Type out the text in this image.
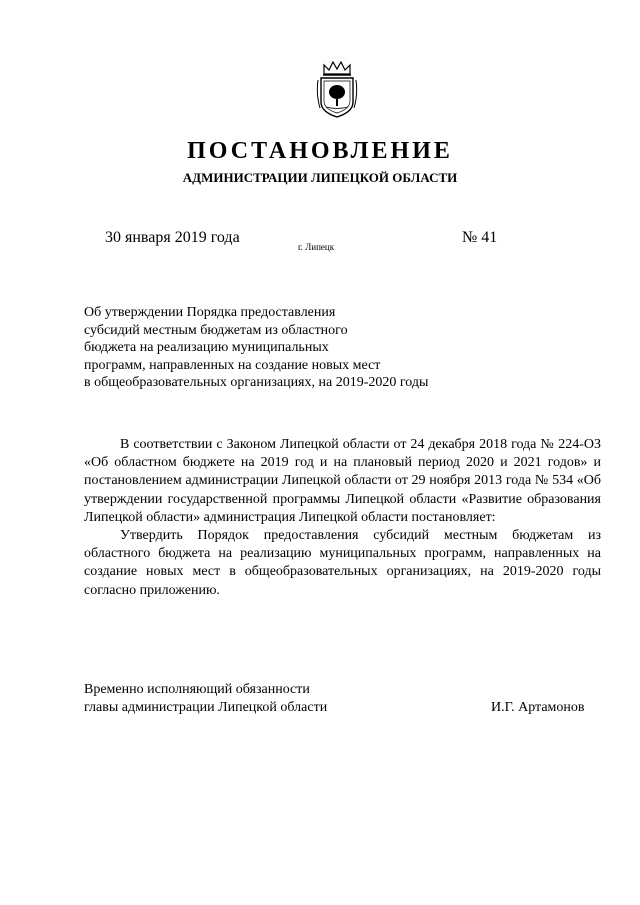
ПОСТАНОВЛЕНИЕ
АДМИНИСТРАЦИИ ЛИПЕЦКОЙ ОБЛАСТИ
30 января 2019 года
г. Липецк
№ 41
Об утверждении Порядка предоставления
субсидий местным бюджетам из областного
бюджета на реализацию муниципальных
программ, направленных на создание новых мест
в общеобразовательных организациях, на 2019-2020 годы

В соответствии с Законом Липецкой области от 24 декабря 2018 года № 224-ОЗ «Об областном бюджете на 2019 год и на плановый период 2020 и 2021 годов» и постановлением администрации Липецкой области от 29 ноября 2013 года № 534 «Об утверждении государственной программы Липецкой области «Развитие образования Липецкой области» администрация Липецкой области постановляет:

Утвердить Порядок предоставления субсидий местным бюджетам из областного бюджета на реализацию муниципальных программ, направленных на создание новых мест в общеобразовательных организациях, на 2019-2020 годы согласно приложению.

Временно исполняющий обязанности
главы администрации Липецкой области	И.Г. Артамонов
